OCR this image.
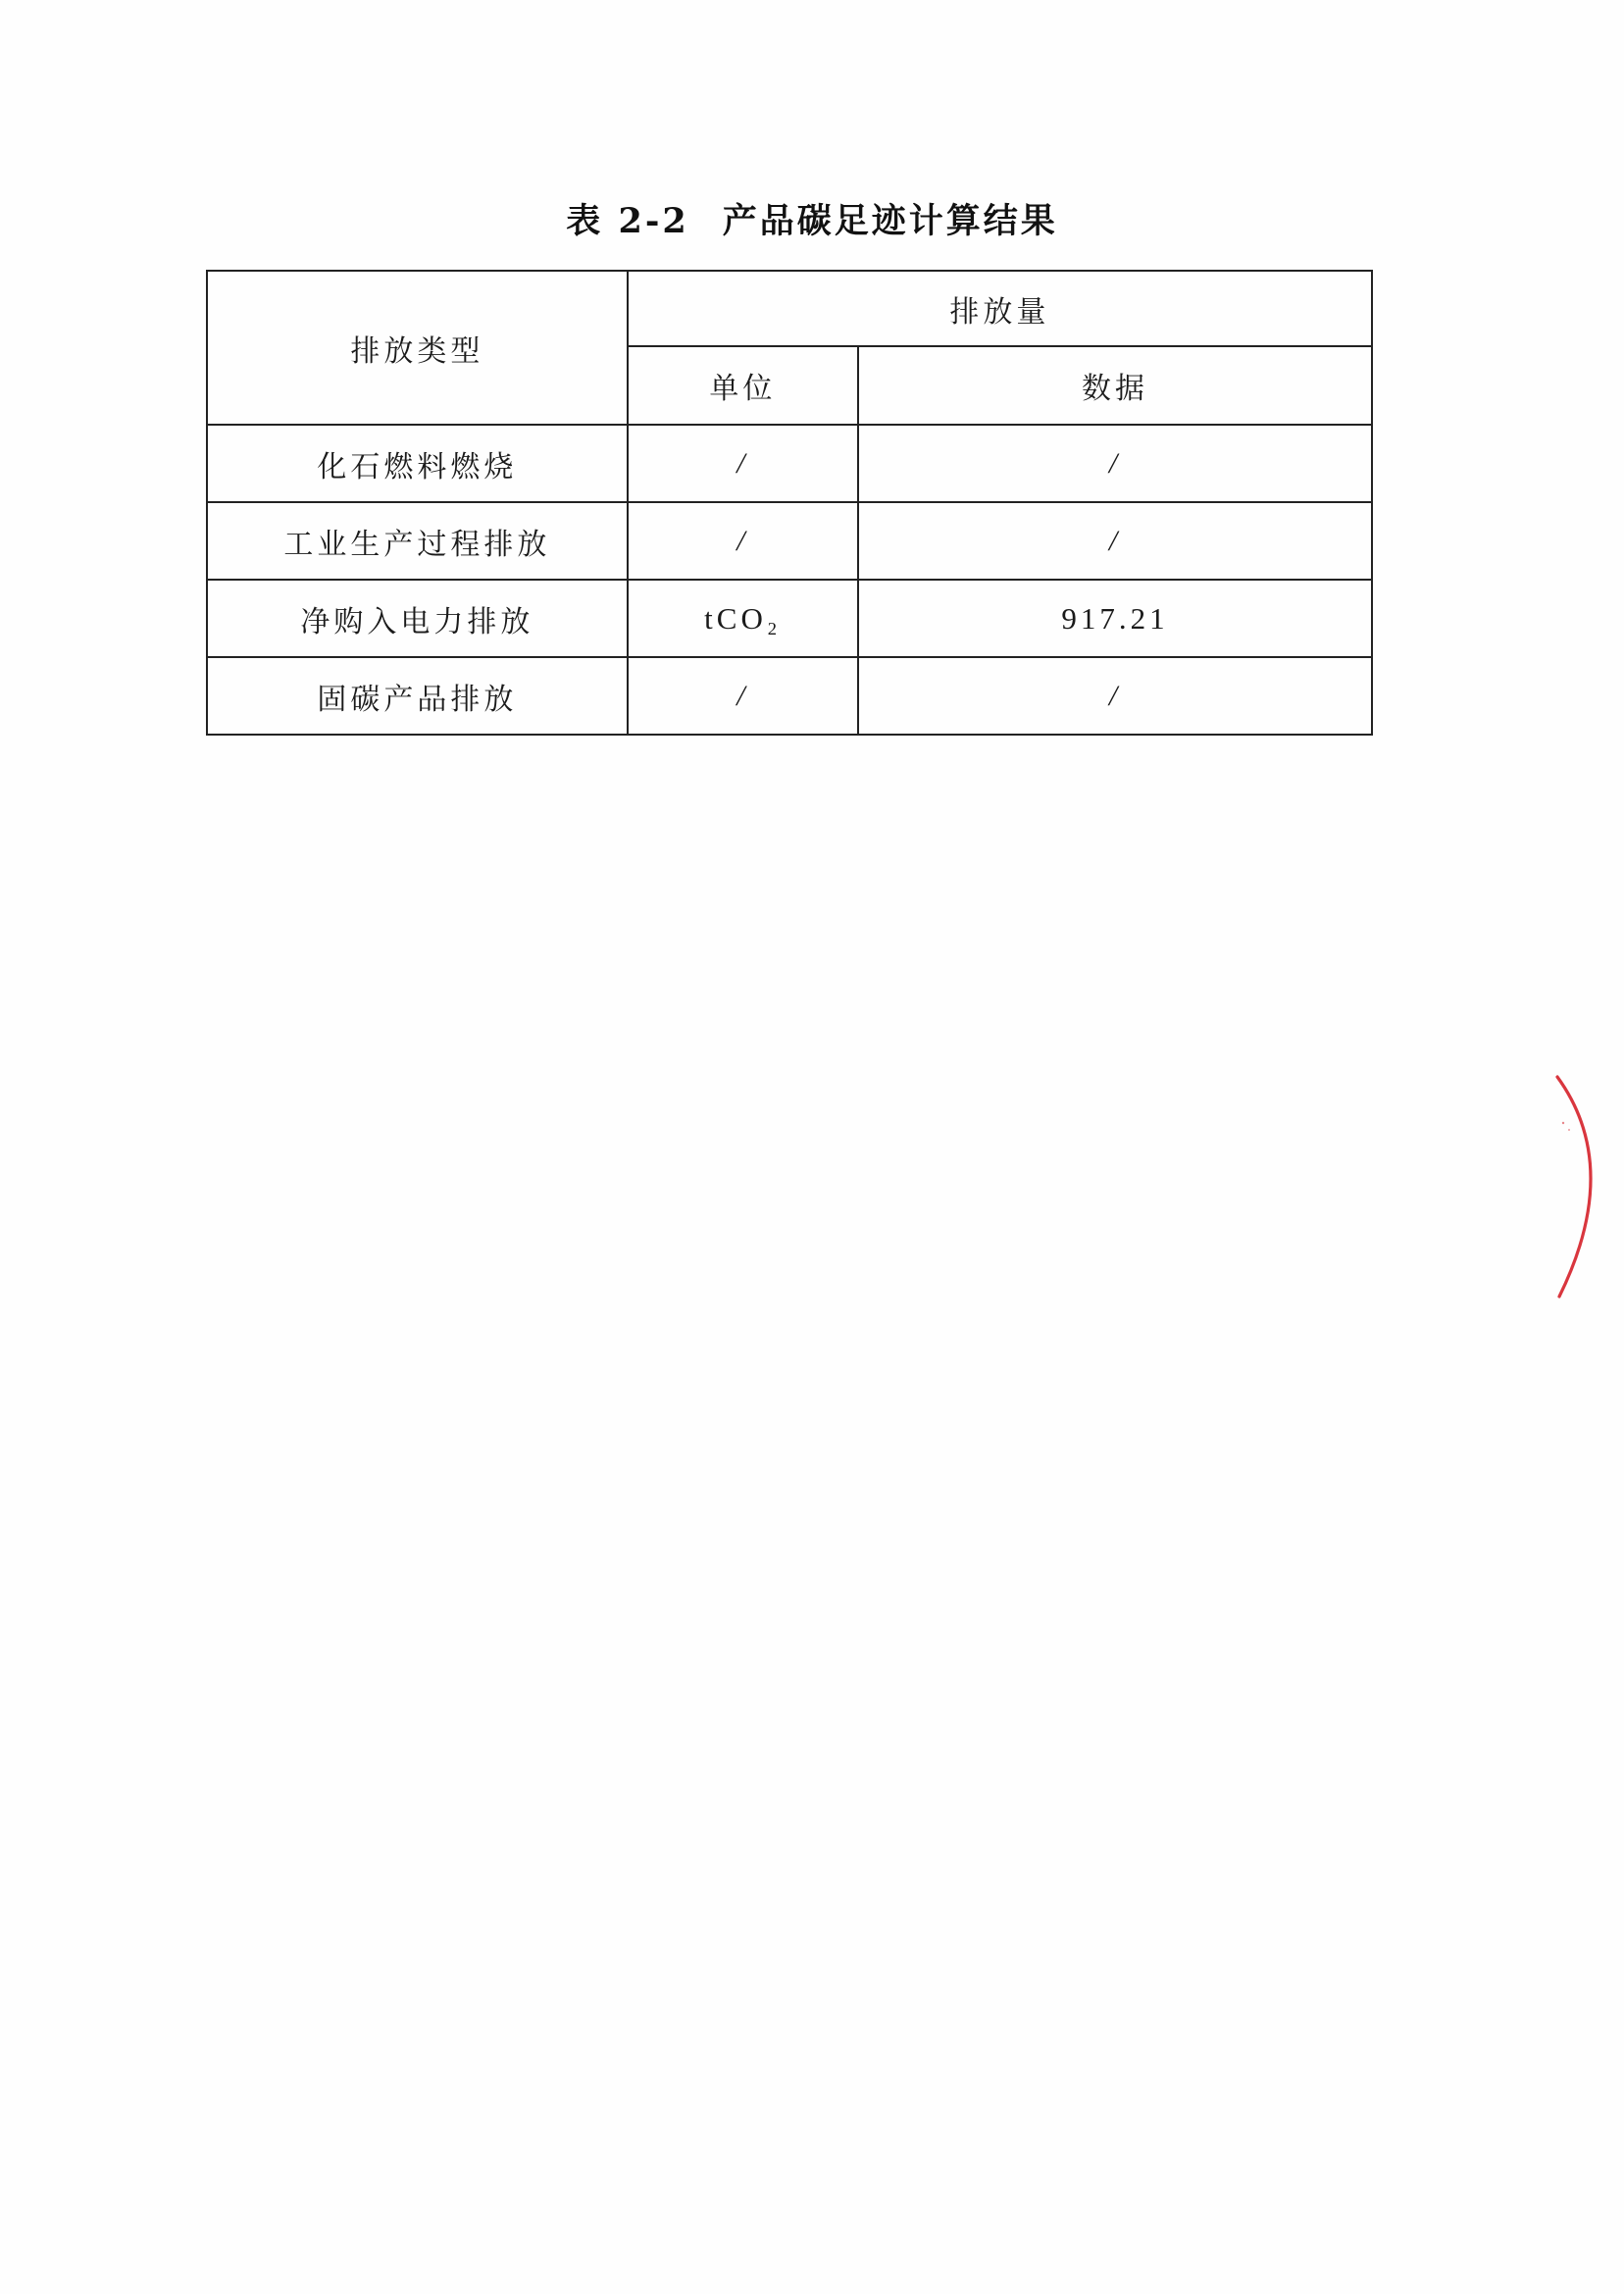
表 2-2 产品碳足迹计算结果
排放类型	排放量	
	单位	数据
化石燃料燃烧	/	/
工业生产过程排放	/	/
净购入电力排放	tCO₂	917.21
固碳产品排放	/	/
